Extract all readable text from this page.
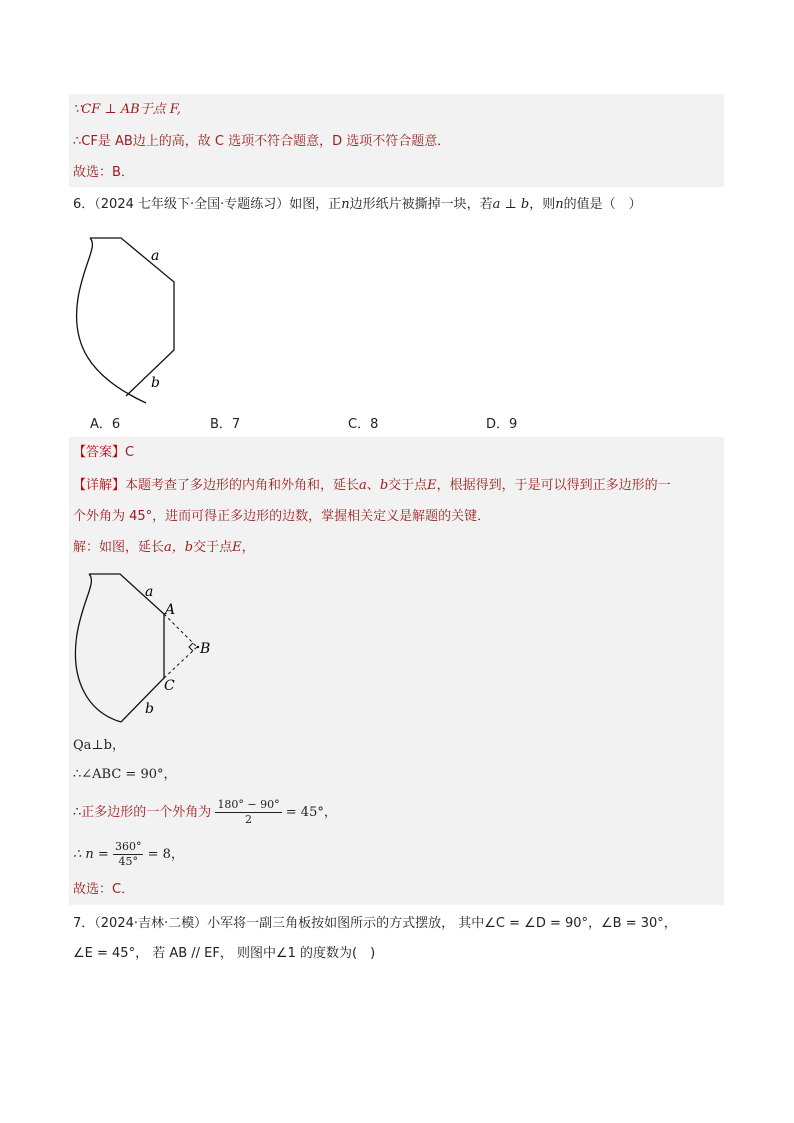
∵CF ⊥ AB于点 F,
∴CF是 AB边上的高，故 C 选项不符合题意，D 选项不符合题意．
故选：B．
6．（2024 七年级下·全国·专题练习）如图，正n边形纸片被撕掉一块，若a ⊥ b，则n的值是（　）
a
b
A．6	B．7	C．8	D．9
【答案】C
【详解】本题考查了多边形的内角和外角和，延长a、b交于点E，根据得到，于是可以得到正多边形的一
个外角为 45°，进而可得正多边形的边数，掌握相关定义是解题的关键．
解：如图，延长a，b交于点E，
a
A
B
C
b
Qa⊥b，
∴∠ABC = 90°，
∴正多边形的一个外角为 $\frac{180^\circ - 90^\circ}{2} = 45^\circ$，
∴ $n = \frac{360^\circ}{45^\circ} = 8$，
故选：C．
7．（2024·吉林·二模）小军将一副三角板按如图所示的方式摆放， 其中∠C = ∠D = 90°，∠B = 30°，
∠E = 45°， 若 AB // EF， 则图中∠1 的度数为(　)
